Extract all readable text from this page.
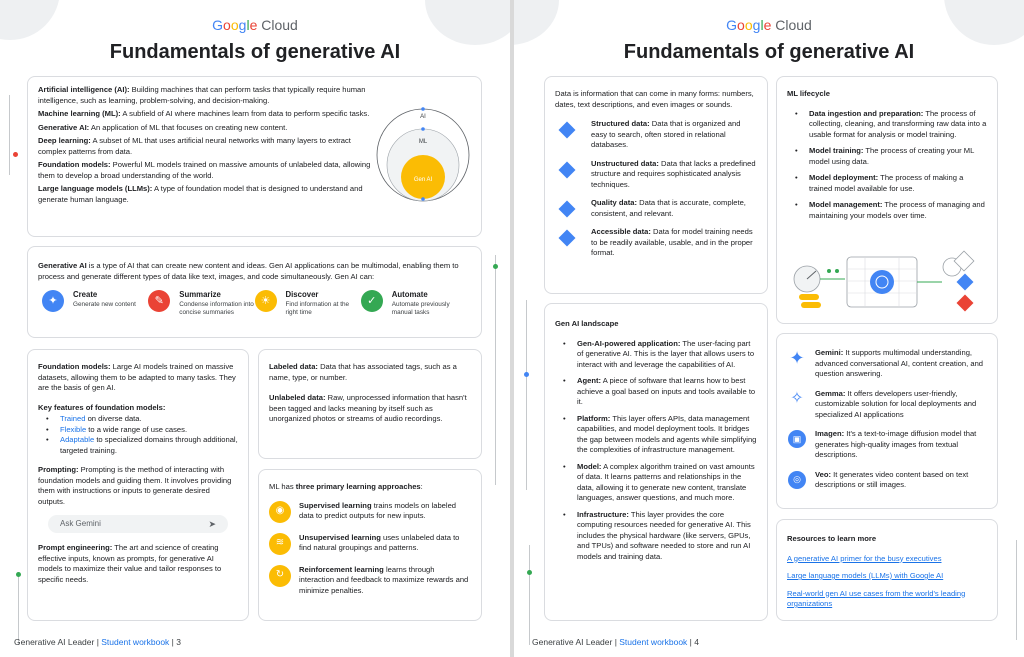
Google Cloud
Fundamentals of generative AI

Artificial intelligence (AI): Building machines that can perform tasks that typically require human intelligence, such as learning, problem-solving, and decision-making.

Machine learning (ML): A subfield of AI where machines learn from data to perform specific tasks.

Generative AI: An application of ML that focuses on creating new content.

Deep learning: A subset of ML that uses artificial neural networks with many layers to extract complex patterns from data.

Foundation models: Powerful ML models trained on massive amounts of unlabeled data, allowing them to develop a broad understanding of the world.

Large language models (LLMs): A type of foundation model that is designed to understand and generate human language.

AI
ML
Gen AI

Generative AI is a type of AI that can create new content and ideas. Gen AI applications can be multimodal, enabling them to process and generate different types of data like text, images, and code simultaneously. Gen AI can:

✦
Create
Generate new content	✎
Summarize
Condense information into concise summaries
☀
Discover
Find information at the right time
✓
Automate
Automate previously manual tasks

Foundation models: Large AI models trained on massive datasets, allowing them to be adapted to many tasks. They are the basis of gen AI.

Key features of foundation models:

• Trained on diverse data.
• Flexible to a wide range of use cases.
• Adaptable to specialized domains through additional, targeted training.

Prompting: Prompting is the method of interacting with foundation models and guiding them. It involves providing them with instructions or inputs to generate desired outputs.

Ask Gemini	➤

Prompt engineering: The art and science of creating effective inputs, known as prompts, for generative AI models to maximize their value and tailor responses to specific needs.

Labeled data: Data that has associated tags, such as a name, type, or number.

Unlabeled data: Raw, unprocessed information that hasn't been tagged and lacks meaning by itself such as unorganized photos or streams of audio recordings.

ML has three primary learning approaches:

◉

Supervised learning trains models on labeled data to predict outputs for new inputs.

≋

Unsupervised learning uses unlabeled data to find natural groupings and patterns.

↻

Reinforcement learning learns through interaction and feedback to maximize rewards and minimize penalties.

Generative AI Leader | Student workbook | 3
Google Cloud
Fundamentals of generative AI

Data is information that can come in many forms: numbers, dates, text descriptions, and even images or sounds.

Structured data: Data that is organized and easy to search, often stored in relational databases.

Unstructured data: Data that lacks a predefined structure and requires sophisticated analysis techniques.

Quality data: Data that is accurate, complete, consistent, and relevant.

Accessible data: Data for model training needs to be readily available, usable, and in the proper format.

Gen AI landscape

• Gen-AI-powered application: The user-facing part of generative AI. This is the layer that allows users to interact with and leverage the capabilities of AI.
• Agent: A piece of software that learns how to best achieve a goal based on inputs and tools available to it.
• Platform: This layer offers APIs, data management capabilities, and model deployment tools. It bridges the gap between models and agents while simplifying the complexities of infrastructure management.
• Model: A complex algorithm trained on vast amounts of data. It learns patterns and relationships in the data, allowing it to generate new content, translate languages, answer questions, and much more.
• Infrastructure: This layer provides the core computing resources needed for generative AI. This includes the physical hardware (like servers, GPUs, and TPUs) and software needed to store and run AI models and training data.

ML lifecycle

• Data ingestion and preparation: The process of collecting, cleaning, and transforming raw data into a usable format for analysis or model training.
• Model training: The process of creating your ML model using data.
• Model deployment: The process of making a trained model available for use.
• Model management: The process of managing and maintaining your models over time.
✦ Gemini: It supports multimodal understanding, advanced conversational AI, content creation, and question answering.

✧ Gemma: It offers developers user-friendly, customizable solution for local deployments and specialized AI applications

▣

Imagen: It's a text-to-image diffusion model that generates high-quality images from textual descriptions.

◎

Veo: It generates video content based on text descriptions or still images.

Resources to learn more

A generative AI primer for the busy executives
Large language models (LLMs) with Google AI
Real-world gen AI use cases from the world's leading organizations
Generative AI Leader | Student workbook | 4
